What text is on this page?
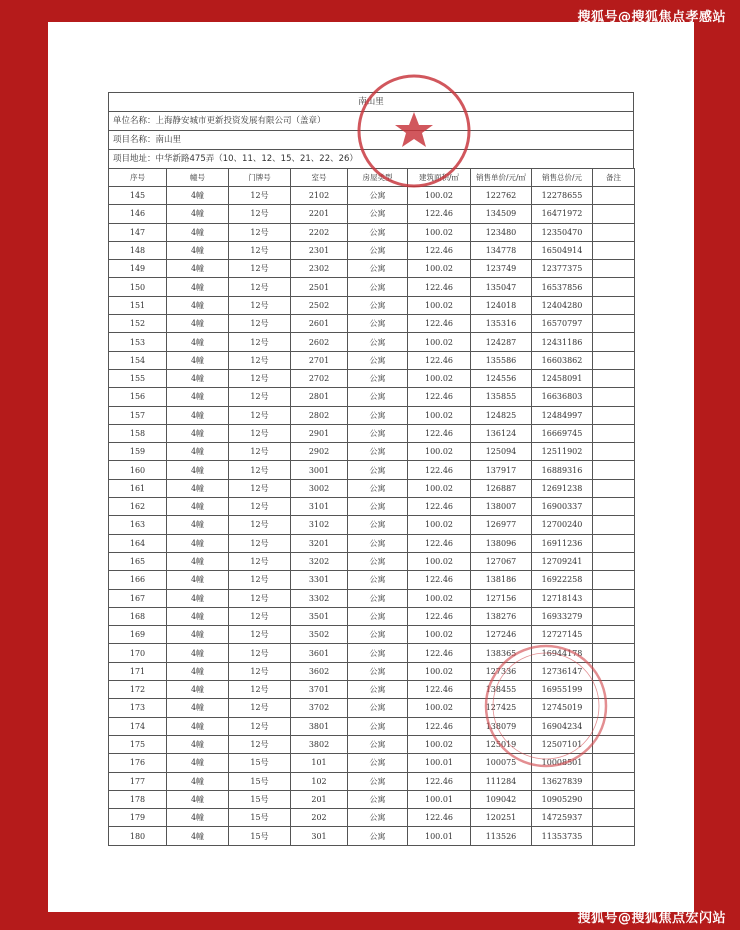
搜狐号@搜狐焦点孝感站
搜狐号@搜狐焦点宏闪站
南山里
单位名称：上海静安城市更新投资发展有限公司（盖章）
项目名称：南山里
项目地址：中华新路475弄（10、11、12、15、21、22、26）
序号	幢号	门牌号	室号	房屋类型	建筑面积/㎡	销售单价/元/㎡	销售总价/元	备注
145	4幢	12号	2102	公寓	100.02	122762	12278655	
146	4幢	12号	2201	公寓	122.46	134509	16471972	
147	4幢	12号	2202	公寓	100.02	123480	12350470	
148	4幢	12号	2301	公寓	122.46	134778	16504914	
149	4幢	12号	2302	公寓	100.02	123749	12377375	
150	4幢	12号	2501	公寓	122.46	135047	16537856	
151	4幢	12号	2502	公寓	100.02	124018	12404280	
152	4幢	12号	2601	公寓	122.46	135316	16570797	
153	4幢	12号	2602	公寓	100.02	124287	12431186	
154	4幢	12号	2701	公寓	122.46	135586	16603862	
155	4幢	12号	2702	公寓	100.02	124556	12458091	
156	4幢	12号	2801	公寓	122.46	135855	16636803	
157	4幢	12号	2802	公寓	100.02	124825	12484997	
158	4幢	12号	2901	公寓	122.46	136124	16669745	
159	4幢	12号	2902	公寓	100.02	125094	12511902	
160	4幢	12号	3001	公寓	122.46	137917	16889316	
161	4幢	12号	3002	公寓	100.02	126887	12691238	
162	4幢	12号	3101	公寓	122.46	138007	16900337	
163	4幢	12号	3102	公寓	100.02	126977	12700240	
164	4幢	12号	3201	公寓	122.46	138096	16911236	
165	4幢	12号	3202	公寓	100.02	127067	12709241	
166	4幢	12号	3301	公寓	122.46	138186	16922258	
167	4幢	12号	3302	公寓	100.02	127156	12718143	
168	4幢	12号	3501	公寓	122.46	138276	16933279	
169	4幢	12号	3502	公寓	100.02	127246	12727145	
170	4幢	12号	3601	公寓	122.46	138365	16944178	
171	4幢	12号	3602	公寓	100.02	127336	12736147	
172	4幢	12号	3701	公寓	122.46	138455	16955199	
173	4幢	12号	3702	公寓	100.02	127425	12745019	
174	4幢	12号	3801	公寓	122.46	138079	16904234	
175	4幢	12号	3802	公寓	100.02	125019	12507101	
176	4幢	15号	101	公寓	100.01	100075	10008501	
177	4幢	15号	102	公寓	122.46	111284	13627839	
178	4幢	15号	201	公寓	100.01	109042	10905290	
179	4幢	15号	202	公寓	122.46	120251	14725937	
180	4幢	15号	301	公寓	100.01	113526	11353735	
